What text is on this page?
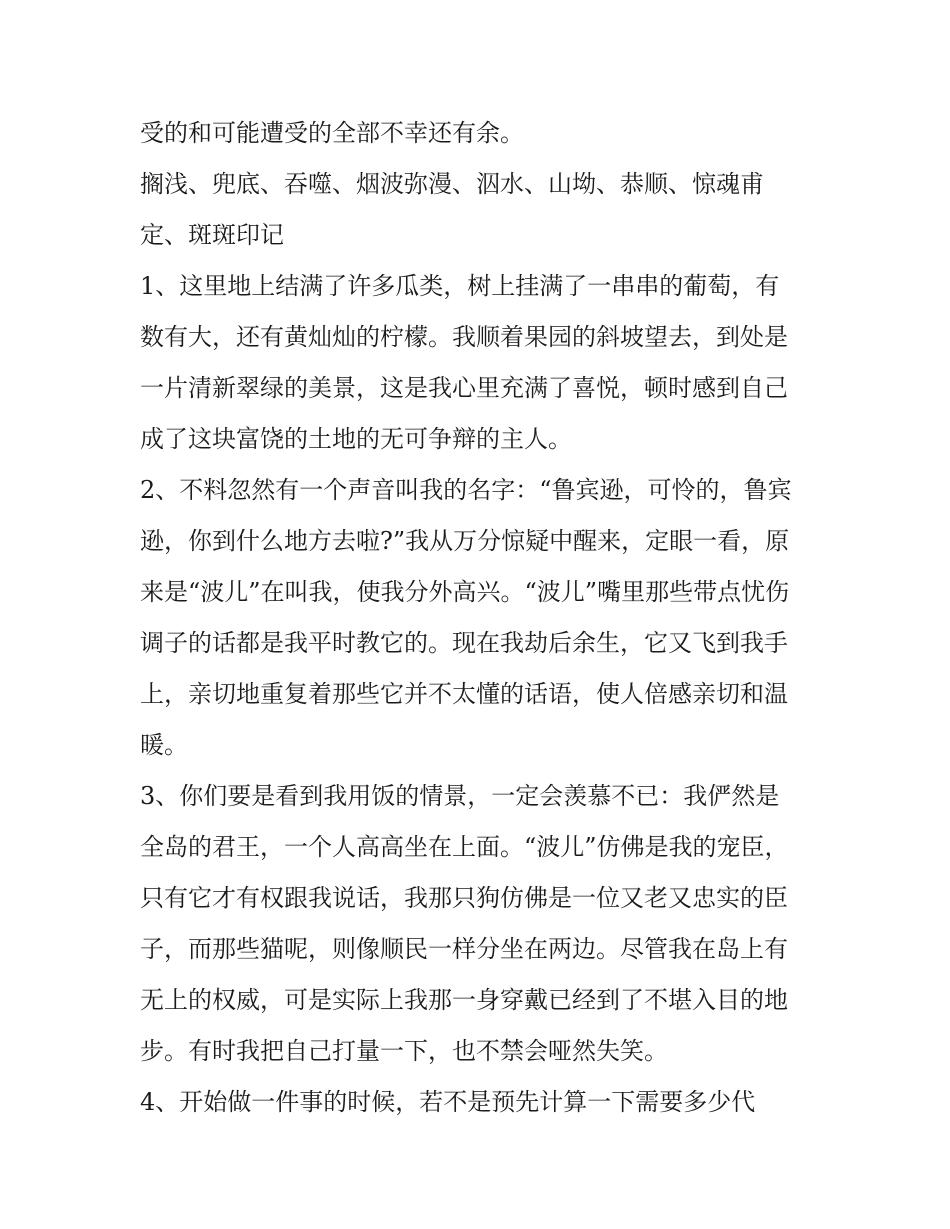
受的和可能遭受的全部不幸还有余。
搁浅、兜底、吞噬、烟波弥漫、泅水、山坳、恭顺、惊魂甫
定、斑斑印记
1、这里地上结满了许多瓜类，树上挂满了一串串的葡萄，有
数有大，还有黄灿灿的柠檬。我顺着果园的斜坡望去，到处是
一片清新翠绿的美景，这是我心里充满了喜悦，顿时感到自己
成了这块富饶的土地的无可争辩的主人。
2、不料忽然有一个声音叫我的名字：“鲁宾逊，可怜的，鲁宾
逊，你到什么地方去啦?”我从万分惊疑中醒来，定眼一看，原
来是“波儿”在叫我，使我分外高兴。“波儿”嘴里那些带点忧伤
调子的话都是我平时教它的。现在我劫后余生，它又飞到我手
上，亲切地重复着那些它并不太懂的话语，使人倍感亲切和温
暖。
3、你们要是看到我用饭的情景，一定会羡慕不已：我俨然是
全岛的君王，一个人高高坐在上面。“波儿”仿佛是我的宠臣，
只有它才有权跟我说话，我那只狗仿佛是一位又老又忠实的臣
子，而那些猫呢，则像顺民一样分坐在两边。尽管我在岛上有
无上的权威，可是实际上我那一身穿戴已经到了不堪入目的地
步。有时我把自己打量一下，也不禁会哑然失笑。
4、开始做一件事的时候，若不是预先计算一下需要多少代
